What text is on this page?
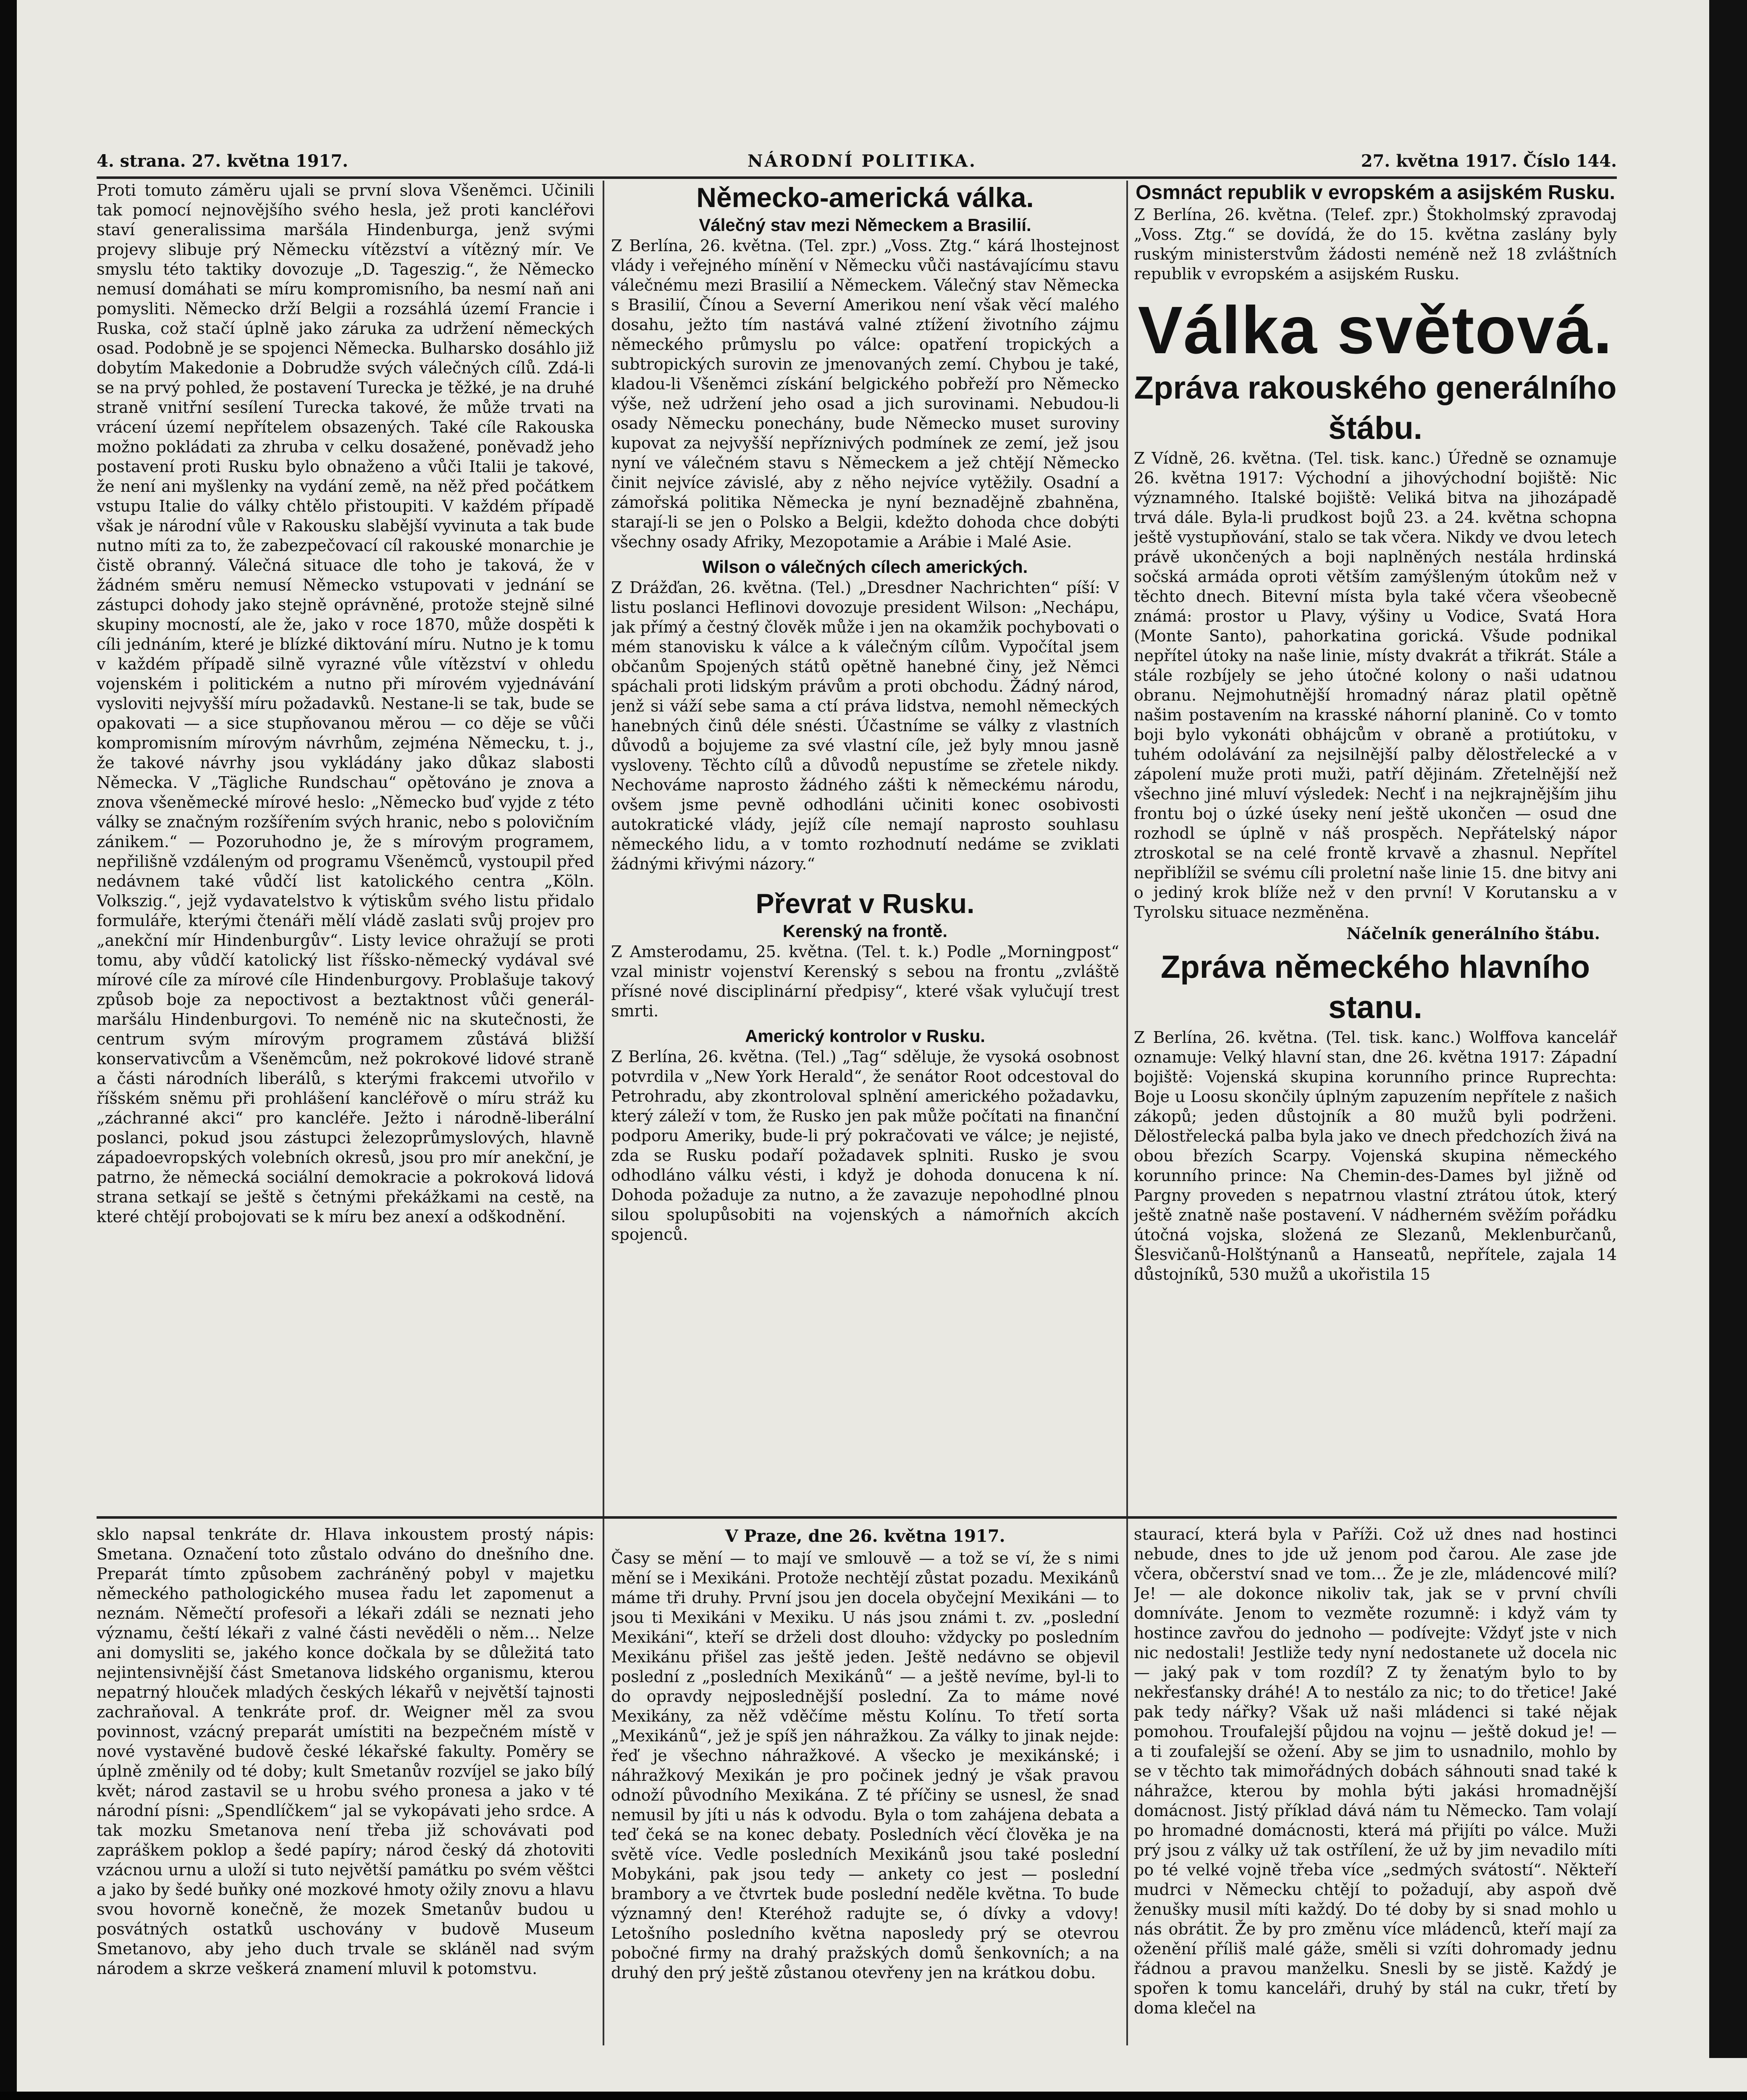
4. strana. 27. května 1917.	NÁRODNÍ POLITIKA.	27. května 1917. Číslo 144.
Proti tomuto záměru ujali se první slova Všeněmci. Učinili tak pomocí nejnovějšího svého hesla, jež proti kancléřovi staví generalissima maršála Hindenburga, jenž svými projevy slibuje prý Německu vítězství a vítězný mír. Ve smyslu této taktiky dovozuje „D. Tageszig.“, že Německo nemusí domáhati se míru kompromisního, ba nesmí naň ani pomysliti. Německo drží Belgii a rozsáhlá území Francie i Ruska, což stačí úplně jako záruka za udržení německých osad. Podobně je se spojenci Německa. Bulharsko dosáhlo již dobytím Makedonie a Dobrudže svých válečných cílů. Zdá-li se na prvý pohled, že postavení Turecka je těžké, je na druhé straně vnitřní sesílení Turecka takové, že může trvati na vrácení území nepřítelem obsazených. Také cíle Rakouska možno pokládati za zhruba v celku dosažené, poněvadž jeho postavení proti Rusku bylo obnaženo a vůči Italii je takové, že není ani myšlenky na vydání země, na něž před počátkem vstupu Italie do války chtělo přistoupiti. V každém případě však je národní vůle v Rakousku slabější vyvinuta a tak bude nutno míti za to, že zabezpečovací cíl rakouské monarchie je čistě obranný. Válečná situace dle toho je taková, že v žádném směru nemusí Německo vstupovati v jednání se zástupci dohody jako stejně oprávněné, protože stejně silné skupiny mocností, ale že, jako v roce 1870, může dospěti k cíli jednáním, které je blízké diktování míru. Nutno je k tomu v každém případě silně vyrazné vůle vítězství v ohledu vojenském i politickém a nutno při mírovém vyjednávání vysloviti nejvyšší míru požadavků. Nestane-li se tak, bude se opakovati — a sice stupňovanou měrou — co děje se vůči kompromisním mírovým návrhům, zejména Německu, t. j., že takové návrhy jsou vykládány jako důkaz slabosti Německa. V „Tägliche Rundschau“ opětováno je znova a znova všeněmecké mírové heslo: „Německo buď vyjde z této války se značným rozšířením svých hranic, nebo s polovičním zánikem.“ — Pozoruhodno je, že s mírovým programem, nepřilišně vzdáleným od programu Všeněmců, vystoupil před nedávnem také vůdčí list katolického centra „Köln. Volkszig.“, jejž vydavatelstvo k výtiskům svého listu přidalo formuláře, kterými čtenáři mělí vládě zaslati svůj projev pro „anekční mír Hindenburgův“. Listy levice ohražují se proti tomu, aby vůdčí katolický list říšsko-německý vydával své mírové cíle za mírové cíle Hindenburgovy. Problašuje takový způsob boje za nepoctivost a beztaktnost vůči generál-maršálu Hindenburgovi. To neméně nic na skutečnosti, že centrum svým mírovým programem zůstává bližší konservativcům a Všeněmcům, než pokrokové lidové straně a části národních liberálů, s kterými frakcemi utvořilo v říšském sněmu při prohlášení kancléřově o míru stráž ku „záchranné akci“ pro kancléře. Ježto i národně-liberální poslanci, pokud jsou zástupci železoprůmyslových, hlavně západoevropských volebních okresů, jsou pro mír anekční, je patrno, že německá sociální demokracie a pokroková lidová strana setkají se ještě s četnými překážkami na cestě, na které chtějí probojovati se k míru bez anexí a odškodnění.
sklo napsal tenkráte dr. Hlava inkoustem prostý nápis: Smetana. Označení toto zůstalo odváno do dnešního dne. Preparát tímto způsobem zachráněný pobyl v majetku německého pathologického musea řadu let zapomenut a neznám. Němečtí profesoři a lékaři zdáli se neznati jeho významu, čeští lékaři z valné části nevěděli o něm… Nelze ani domysliti se, jakého konce dočkala by se důležitá tato nejintensivnější část Smetanova lidského organismu, kterou nepatrný hlouček mladých českých lékařů v největší tajnosti zachraňoval. A tenkráte prof. dr. Weigner měl za svou povinnost, vzácný preparát umístiti na bezpečném místě v nové vystavěné budově české lékařské fakulty. Poměry se úplně změnily od té doby; kult Smetanův rozvíjel se jako bílý květ; národ zastavil se u hrobu svého pronesa a jako v té národní písni: „Spendlíčkem“ jal se vykopávati jeho srdce. A tak mozku Smetanova není třeba již schovávati pod zapráškem poklop a šedé papíry; národ český dá zhotoviti vzácnou urnu a uloží si tuto největší památku po svém věštci a jako by šedé buňky oné mozkové hmoty ožily znovu a hlavu svou hovorně konečně, že mozek Smetanův budou u posvátných ostatků uschovány v budově Museum Smetanovo, aby jeho duch trvale se skláněl nad svým národem a skrze veškerá znamení mluvil k potomstvu.
Německo-americká válka.
Válečný stav mezi Německem a Brasilií.
Z Berlína, 26. května. (Tel. zpr.) „Voss. Ztg.“ kárá lhostejnost vlády i veřejného mínění v Německu vůči nastávajícímu stavu válečnému mezi Brasilií a Německem. Válečný stav Německa s Brasilií, Čínou a Severní Amerikou není však věcí malého dosahu, ježto tím nastává valné ztížení životního zájmu německého průmyslu po válce: opatření tropických a subtropických surovin ze jmenovaných zemí. Chybou je také, kladou-li Všeněmci získání belgického pobřeží pro Německo výše, než udržení jeho osad a jich surovinami. Nebudou-li osady Německu ponechány, bude Německo muset suroviny kupovat za nejvyšší nepříznivých podmínek ze zemí, jež jsou nyní ve válečném stavu s Německem a jež chtějí Německo činit nejvíce závislé, aby z něho nejvíce vytěžily. Osadní a zámořská politika Německa je nyní beznadějně zbahněna, starají-li se jen o Polsko a Belgii, kdežto dohoda chce dobýti všechny osady Afriky, Mezopotamie a Arábie i Malé Asie.
Wilson o válečných cílech amerických.
Z Drážďan, 26. května. (Tel.) „Dresdner Nachrichten“ píší: V listu poslanci Heflinovi dovozuje president Wilson: „Nechápu, jak přímý a čestný člověk může i jen na okamžik pochybovati o mém stanovisku k válce a k válečným cílům. Vypočítal jsem občanům Spojených států opětně hanebné činy, jež Němci spáchali proti lidským právům a proti obchodu. Žádný národ, jenž si váží sebe sama a ctí práva lidstva, nemohl německých hanebných činů déle snésti. Účastníme se války z vlastních důvodů a bojujeme za své vlastní cíle, jež byly mnou jasně vysloveny. Těchto cílů a důvodů nepustíme se zřetele nikdy. Nechováme naprosto žádného zášti k německému národu, ovšem jsme pevně odhodláni učiniti konec osobivosti autokratické vlády, jejíž cíle nemají naprosto souhlasu německého lidu, a v tomto rozhodnutí nedáme se zviklati žádnými křivými názory.“
Převrat v Rusku.
Kerenský na frontě.
Z Amsterodamu, 25. května. (Tel. t. k.) Podle „Morningpost“ vzal ministr vojenství Kerenský s sebou na frontu „zvláště přísné nové disciplinární předpisy“, které však vylučují trest smrti.
Americký kontrolor v Rusku.
Z Berlína, 26. května. (Tel.) „Tag“ sděluje, že vysoká osobnost potvrdila v „New York Herald“, že senátor Root odcestoval do Petrohradu, aby zkontroloval splnění amerického požadavku, který záleží v tom, že Rusko jen pak může počítati na finanční podporu Ameriky, bude-li prý pokračovati ve válce; je nejisté, zda se Rusku podaří požadavek splniti. Rusko je svou odhodláno válku vésti, i když je dohoda donucena k ní. Dohoda požaduje za nutno, a že zavazuje nepohodlné plnou silou spolupůsobiti na vojenských a námořních akcích spojenců.
V Praze, dne 26. května 1917.
Časy se mění — to mají ve smlouvě — a tož se ví, že s nimi mění se i Mexikáni. Protože nechtějí zůstat pozadu. Mexikánů máme tři druhy. První jsou jen docela obyčejní Mexikáni — to jsou ti Mexikáni v Mexiku. U nás jsou známi t. zv. „poslední Mexikáni“, kteří se drželi dost dlouho: vždycky po posledním Mexikánu přišel zas ještě jeden. Ještě nedávno se objevil poslední z „posledních Mexikánů“ — a ještě nevíme, byl-li to do opravdy nejposlednější poslední. Za to máme nové Mexikány, za něž vděčíme městu Kolínu. To třetí sorta „Mexikánů“, jež je spíš jen náhražkou. Za války to jinak nejde: řeď je všechno náhražkové. A všecko je mexikánské; i náhražkový Mexikán je pro počinek jedný je však pravou odnoží původního Mexikána. Z té příčiny se usnesl, že snad nemusil by jíti u nás k odvodu. Byla o tom zahájena debata a teď čeká se na konec debaty. Posledních věcí člověka je na světě více. Vedle posledních Mexikánů jsou také poslední Mobykáni, pak jsou tedy — ankety co jest — poslední brambory a ve čtvrtek bude poslední neděle května. To bude významný den! Kteréhož radujte se, ó dívky a vdovy! Letošního posledního května naposledy prý se otevrou pobočné firmy na drahý pražských domů šenkovních; a na druhý den prý ještě zůstanou otevřeny jen na krátkou dobu.
Osmnáct republik v evropském a asijském Rusku.
Z Berlína, 26. května. (Telef. zpr.) Štokholmský zpravodaj „Voss. Ztg.“ se dovídá, že do 15. května zaslány byly ruským ministerstvům žádosti neméně než 18 zvláštních republik v evropském a asijském Rusku.
Válka světová.
Zpráva rakouského generálního štábu.
Z Vídně, 26. května. (Tel. tisk. kanc.) Úředně se oznamuje 26. května 1917: Východní a jihovýchodní bojiště: Nic významného. Italské bojiště: Veliká bitva na jihozápadě trvá dále. Byla-li prudkost bojů 23. a 24. května schopna ještě vystupňování, stalo se tak včera. Nikdy ve dvou letech právě ukončených a boji naplněných nestála hrdinská sočská armáda oproti větším zamýšleným útokům než v těchto dnech. Bitevní místa byla také včera všeobecně známá: prostor u Plavy, výšiny u Vodice, Svatá Hora (Monte Santo), pahorkatina gorická. Všude podnikal nepřítel útoky na naše linie, místy dvakrát a třikrát. Stále a stále rozbíjely se jeho útočné kolony o naši udatnou obranu. Nejmohutnější hromadný náraz platil opětně našim postavením na krasské náhorní planině. Co v tomto boji bylo vykonáti obhájcům v obraně a protiútoku, v tuhém odolávání za nejsilnější palby dělostřelecké a v zápolení muže proti muži, patří dějinám. Zřetelnější než všechno jiné mluví výsledek: Nechť i na nejkrajnějším jihu frontu boj o úzké úseky není ještě ukončen — osud dne rozhodl se úplně v náš prospěch. Nepřátelský nápor ztroskotal se na celé frontě krvavě a zhasnul. Nepřítel nepřiblížil se svému cíli proletní naše linie 15. dne bitvy ani o jediný krok blíže než v den první! V Korutansku a v Tyrolsku situace nezměněna.
Náčelník generálního štábu.
Zpráva německého hlavního stanu.
Z Berlína, 26. května. (Tel. tisk. kanc.) Wolffova kancelář oznamuje: Velký hlavní stan, dne 26. května 1917: Západní bojiště: Vojenská skupina korunního prince Ruprechta: Boje u Loosu skončily úplným zapuzením nepřítele z našich zákopů; jeden důstojník a 80 mužů byli podrženi. Dělostřelecká palba byla jako ve dnech předchozích živá na obou březích Scarpy. Vojenská skupina německého korunního prince: Na Chemin-des-Dames byl jižně od Pargny proveden s nepatrnou vlastní ztrátou útok, který ještě znatně naše postavení. V nádherném svěžím pořádku útočná vojska, složená ze Slezanů, Meklenburčanů, Šlesvičanů-Holštýnanů a Hanseatů, nepřítele, zajala 14 důstojníků, 530 mužů a ukořistila 15
staurací, která byla v Paříži. Což už dnes nad hostinci nebude, dnes to jde už jenom pod čarou. Ale zase jde včera, občerství snad ve tom… Že je zle, mládencové milí? Je! — ale dokonce nikoliv tak, jak se v první chvíli domníváte. Jenom to vezměte rozumně: i když vám ty hostince zavřou do jednoho — podívejte: Vždyť jste v nich nic nedostali! Jestliže tedy nyní nedostanete už docela nic — jaký pak v tom rozdíl? Z ty ženatým bylo to by nekřesťansky dráhé! A to nestálo za nic; to do třetice! Jaké pak tedy nářky? Však už naši mládenci si také nějak pomohou. Troufalejší půjdou na vojnu — ještě dokud je! — a ti zoufalejší se ožení. Aby se jim to usnadnilo, mohlo by se v těchto tak mimořádných dobách sáhnouti snad také k náhražce, kterou by mohla býti jakási hromadnější domácnost. Jistý příklad dává nám tu Německo. Tam volají po hromadné domácnosti, která má přijíti po válce. Muži prý jsou z války už tak ostřílení, že už by jim nevadilo míti po té velké vojně třeba více „sedmých svátostí“. Někteří mudrci v Německu chtějí to požadují, aby aspoň dvě ženušky musil míti každý. Do té doby by si snad mohlo u nás obrátit. Že by pro změnu více mládenců, kteří mají za oženění příliš malé gáže, směli si vzíti dohromady jednu řádnou a pravou manželku. Snesli by se jistě. Každý je spořen k tomu kanceláři, druhý by stál na cukr, třetí by doma klečel na
